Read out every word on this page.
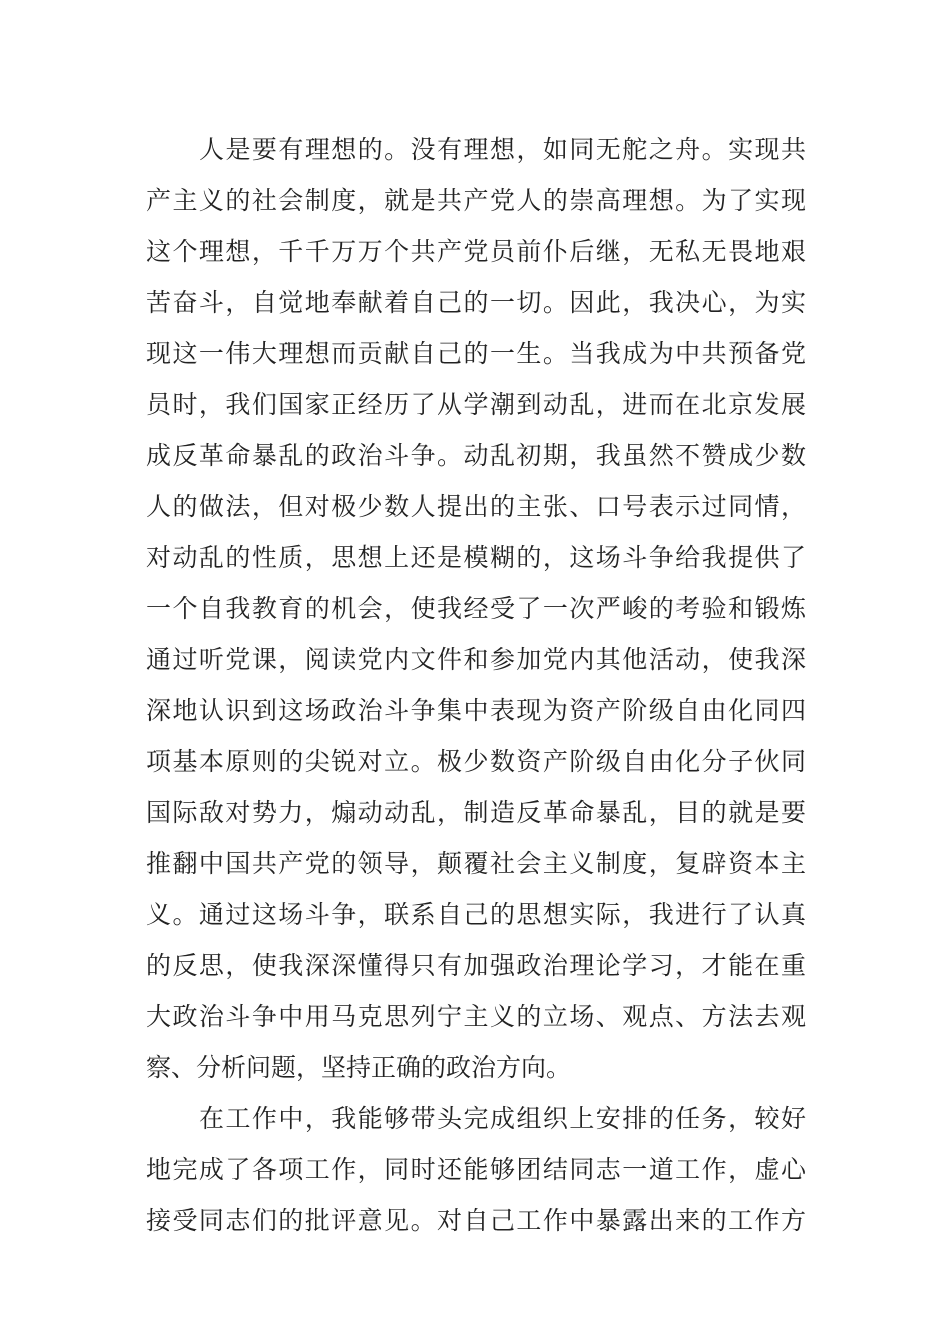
人是要有理想的。没有理想，如同无舵之舟。实现共
产主义的社会制度，就是共产党人的崇高理想。为了实现
这个理想，千千万万个共产党员前仆后继，无私无畏地艰
苦奋斗，自觉地奉献着自己的一切。因此，我决心，为实
现这一伟大理想而贡献自己的一生。当我成为中共预备党
员时，我们国家正经历了从学潮到动乱，进而在北京发展
成反革命暴乱的政治斗争。动乱初期，我虽然不赞成少数
人的做法，但对极少数人提出的主张、口号表示过同情，
对动乱的性质，思想上还是模糊的，这场斗争给我提供了
一个自我教育的机会，使我经受了一次严峻的考验和锻炼
通过听党课，阅读党内文件和参加党内其他活动，使我深
深地认识到这场政治斗争集中表现为资产阶级自由化同四
项基本原则的尖锐对立。极少数资产阶级自由化分子伙同
国际敌对势力，煽动动乱，制造反革命暴乱，目的就是要
推翻中国共产党的领导，颠覆社会主义制度，复辟资本主
义。通过这场斗争，联系自己的思想实际，我进行了认真
的反思，使我深深懂得只有加强政治理论学习，才能在重
大政治斗争中用马克思列宁主义的立场、观点、方法去观
察、分析问题，坚持正确的政治方向。
在工作中，我能够带头完成组织上安排的任务，较好
地完成了各项工作，同时还能够团结同志一道工作，虚心
接受同志们的批评意见。对自己工作中暴露出来的工作方
